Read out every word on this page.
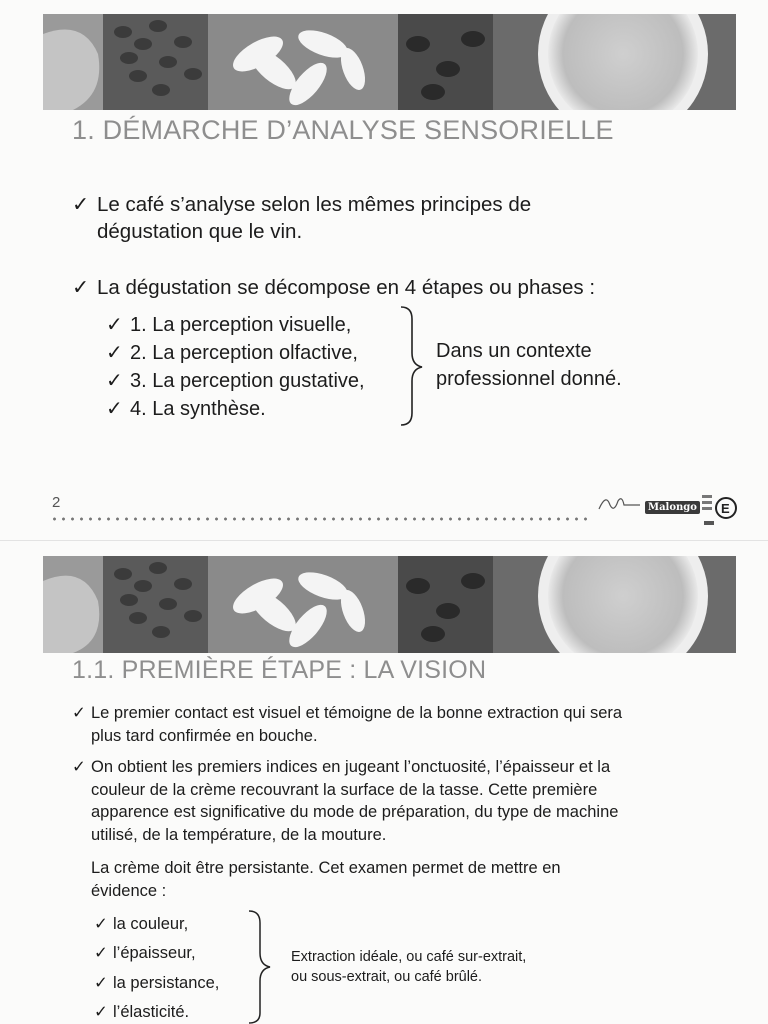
1. DÉMARCHE D’ANALYSE SENSORIELLE
✓ Le café s’analyse selon les mêmes principes de
dégustation que le vin.
✓ La dégustation se décompose en 4 étapes ou phases :
✓ 1. La perception visuelle,
✓ 2. La perception olfactive,
✓ 3. La perception gustative,
✓ 4. La synthèse.
Dans un contexte
professionnel donné.
2	Malongo E
1.1. PREMIÈRE ÉTAPE : LA VISION
✓ Le premier contact est visuel et témoigne de la bonne extraction qui sera
plus tard confirmée en bouche.
✓ On obtient les premiers indices en jugeant l’onctuosité, l’épaisseur et la
couleur de la crème recouvrant la surface de la tasse. Cette première
apparence est significative du mode de préparation, du type de machine
utilisé, de la température, de la mouture.
La crème doit être persistante. Cet examen permet de mettre en
évidence :
✓ la couleur,
✓ l’épaisseur,
✓ la persistance,
✓ l’élasticité.
Extraction idéale, ou café sur-extrait,
ou sous-extrait, ou café brûlé.
